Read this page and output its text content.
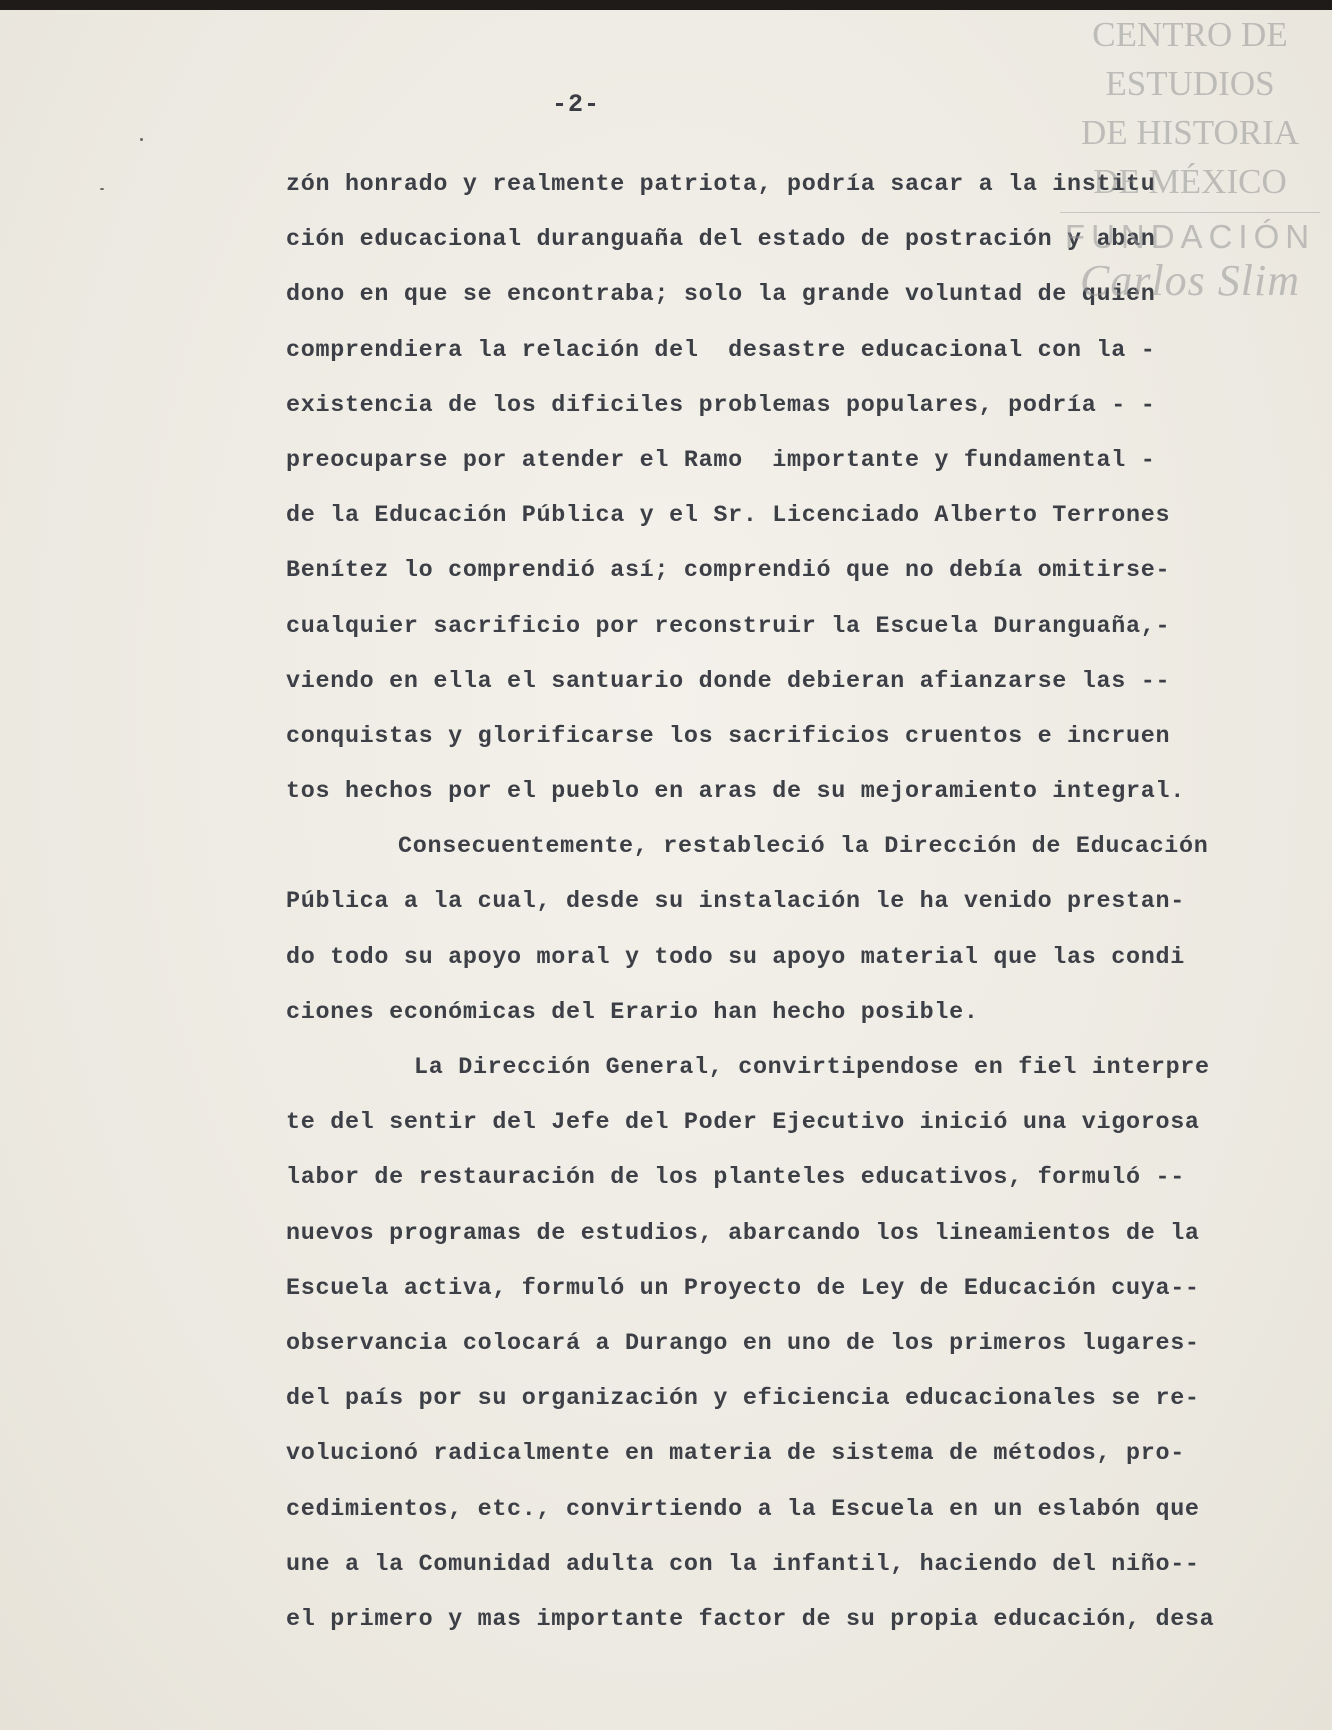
-2-
zón honrado y realmente patriota, podría sacar a la institu
ción educacional duranguaña del estado de postración y aban
dono en que se encontraba; solo la grande voluntad de quien
comprendiera la relación del  desastre educacional con la -
existencia de los dificiles problemas populares, podría - -
preocuparse por atender el Ramo  importante y fundamental -
de la Educación Pública y el Sr. Licenciado Alberto Terrones
Benítez lo comprendió así; comprendió que no debía omitirse-
cualquier sacrificio por reconstruir la Escuela Duranguaña,-
viendo en ella el santuario donde debieran afianzarse las --
conquistas y glorificarse los sacrificios cruentos e incruen
tos hechos por el pueblo en aras de su mejoramiento integral.
Consecuentemente, restableció la Dirección de Educación
Pública a la cual, desde su instalación le ha venido prestan-
do todo su apoyo moral y todo su apoyo material que las condi
ciones económicas del Erario han hecho posible.
La Dirección General, convirtipendose en fiel interpre
te del sentir del Jefe del Poder Ejecutivo inició una vigorosa
labor de restauración de los planteles educativos, formuló --
nuevos programas de estudios, abarcando los lineamientos de la
Escuela activa, formuló un Proyecto de Ley de Educación cuya--
observancia colocará a Durango en uno de los primeros lugares-
del país por su organización y eficiencia educacionales se re-
volucionó radicalmente en materia de sistema de métodos, pro-
cedimientos, etc., convirtiendo a la Escuela en un eslabón que
une a la Comunidad adulta con la infantil, haciendo del niño--
el primero y mas importante factor de su propia educación, desa
CENTRO DE
ESTUDIOS
DE HISTORIA
DE MÉXICO
FUNDACIÓN
Carlos Slim
